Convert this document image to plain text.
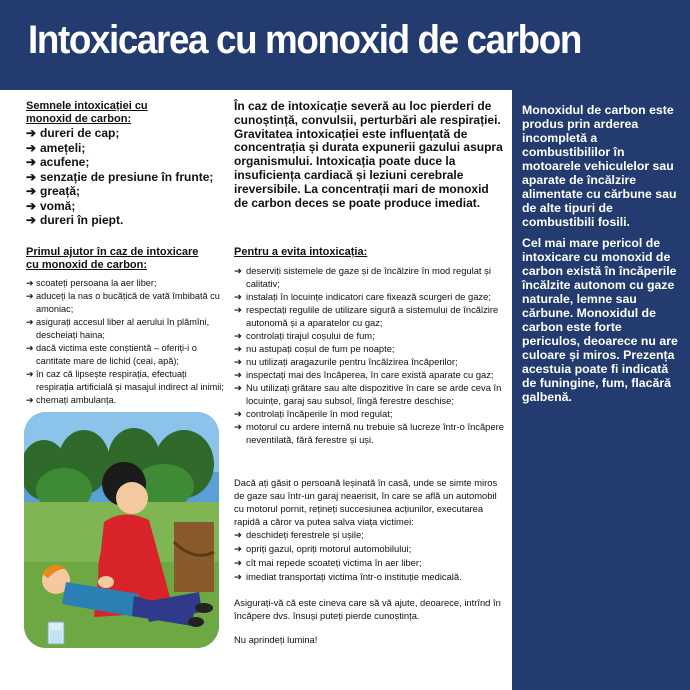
Intoxicarea cu monoxid de carbon

Semnele intoxicației cu
monoxid de carbon:

➔ dureri de cap;
➔ amețeli;
➔ acufene;
➔ senzație de presiune în frunte;
➔ greață;
➔ vomă;
➔ dureri în piept.

În caz de intoxicație severă au loc pierderi de cunoștință, convulsii, perturbări ale respirației. Gravitatea intoxicației este influențată de concentrația și durata expunerii gazului asupra organismului. Intoxicația poate duce la insuficiența cardiacă și leziuni cerebrale ireversibile. La concentrații mari de monoxid de carbon deces se poate produce imediat.

Primul ajutor în caz de intoxicare
cu monoxid de carbon:

➔ scoateți persoana la aer liber;
➔ aduceți la nas o bucățică de vată îmbibată cu amoniac;
➔ asigurați accesul liber al aerului în plămîni, descheiați haina;
➔ dacă victima este conștientă – oferiți-i o cantitate mare de lichid (ceai, apă);
➔ în caz că lipsește respirația, efectuați respirația artificială și masajul indirect al inimii;
➔ chemați ambulanța.

Pentru a evita intoxicația:

➔ deserviți sistemele de gaze și de încălzire în mod regulat și calitativ;
➔ instalați în locuințe indicatori care fixează scurgeri de gaze;
➔ respectați regulile de utilizare sigură a sistemului de încălzire autonomă și a aparatelor cu gaz;
➔ controlați tirajul coșului de fum;
➔ nu astupați coșul de fum pe noapte;
➔ nu utilizați aragazurile pentru încălzirea încăperilor;
➔ inspectați mai des încăperea, în care există aparate cu gaz;
➔ Nu utilizați grătare sau alte dispozitive în care se arde ceva în locuințe, garaj sau subsol, lîngă ferestre deschise;
➔ controlați încăperile în mod regulat;
➔ motorul cu ardere internă nu trebuie să lucreze într-o încăpere neventilată, fără ferestre și uși.

Dacă ați găsit o persoană leșinată în casă, unde se simte miros de gaze sau într-un garaj neaerisit, în care se află un automobil cu motorul pornit, rețineți succesiunea acțiunilor, executarea rapidă a căror va putea salva viața victimei:

➔ deschideți ferestrele și ușile;
➔ opriți gazul, opriți motorul automobilului;
➔ cît mai repede scoateți victima în aer liber;
➔ imediat transportați victima într-o instituție medicală.

Asigurați-vă că este cineva care să vă ajute, deoarece, intrînd în încăpere dvs. însuși puteți pierde cunoștința.

Nu aprindeți lumina!

Monoxidul de carbon este produs prin arderea incompletă a combustibililor în motoarele vehiculelor sau aparate de încălzire alimentate cu cărbune sau de alte tipuri de combustibili fosili.

Cel mai mare pericol de intoxicare cu monoxid de carbon există în încăperile încălzite autonom cu gaze naturale, lemne sau cărbune. Monoxidul de carbon este forte periculos, deoarece nu are culoare și miros. Prezența acestuia poate fi indicată de funingine, fum, flacără galbenă.
